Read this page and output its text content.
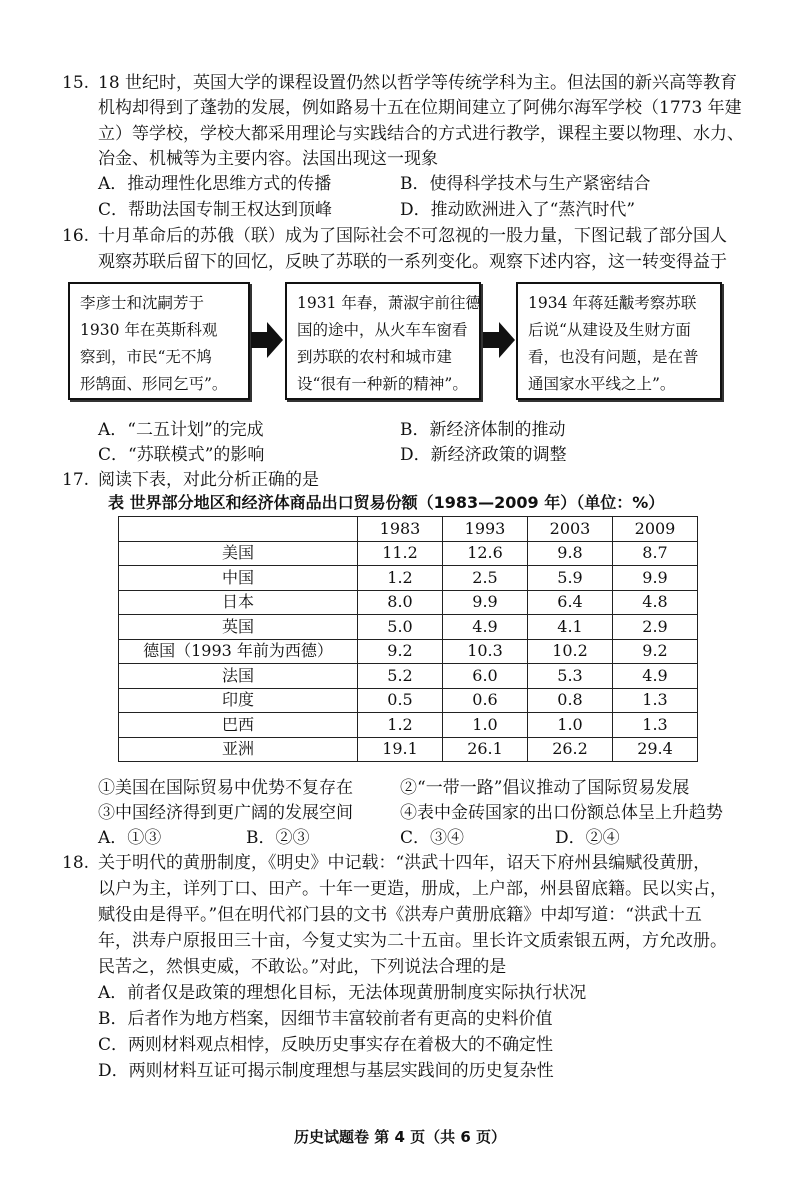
15. 18 世纪时，英国大学的课程设置仍然以哲学等传统学科为主。但法国的新兴高等教育
机构却得到了蓬勃的发展，例如路易十五在位期间建立了阿佛尔海军学校（1773 年建
立）等学校，学校大都采用理论与实践结合的方式进行教学，课程主要以物理、水力、
冶金、机械等为主要内容。法国出现这一现象
A．推动理性化思维方式的传播	B．使得科学技术与生产紧密结合
C．帮助法国专制王权达到顶峰	D．推动欧洲进入了“蒸汽时代”
16. 十月革命后的苏俄（联）成为了国际社会不可忽视的一股力量，下图记载了部分国人
观察苏联后留下的回忆，反映了苏联的一系列变化。观察下述内容，这一转变得益于
李彦士和沈嗣芳于
1930 年在英斯科观
察到，市民“无不鸠
形鹄面、形同乞丐”。
1931 年春，萧淑宇前往德
国的途中，从火车车窗看
到苏联的农村和城市建
设“很有一种新的精神”。
1934 年蒋廷黻考察苏联
后说“从建设及生财方面
看，也没有问题，是在普
通国家水平线之上”。
A．“二五计划”的完成	B．新经济体制的推动
C．“苏联模式”的影响	D．新经济政策的调整
17. 阅读下表，对此分析正确的是
表 世界部分地区和经济体商品出口贸易份额（1983—2009 年）（单位：%）
	1983	1993	2003	2009
美国	11.2	12.6	9.8	8.7
中国	1.2	2.5	5.9	9.9
日本	8.0	9.9	6.4	4.8
英国	5.0	4.9	4.1	2.9
德国（1993 年前为西德）	9.2	10.3	10.2	9.2
法国	5.2	6.0	5.3	4.9
印度	0.5	0.6	0.8	1.3
巴西	1.2	1.0	1.0	1.3
亚洲	19.1	26.1	26.2	29.4
①美国在国际贸易中优势不复存在	②“一带一路”倡议推动了国际贸易发展
③中国经济得到更广阔的发展空间	④表中金砖国家的出口份额总体呈上升趋势
A．①③	B．②③	C．③④	D．②④
18. 关于明代的黄册制度，《明史》中记载：“洪武十四年，诏天下府州县编赋役黄册，
以户为主，详列丁口、田产。十年一更造，册成，上户部，州县留底籍。民以实占，
赋役由是得平。”但在明代祁门县的文书《洪寿户黄册底籍》中却写道：“洪武十五
年，洪寿户原报田三十亩，今复丈实为二十五亩。里长许文质索银五两，方允改册。
民苦之，然惧吏威，不敢讼。”对此，下列说法合理的是
A．前者仅是政策的理想化目标，无法体现黄册制度实际执行状况
B．后者作为地方档案，因细节丰富较前者有更高的史料价值
C．两则材料观点相悖，反映历史事实存在着极大的不确定性
D．两则材料互证可揭示制度理想与基层实践间的历史复杂性
历史试题卷 第 4 页（共 6 页）
